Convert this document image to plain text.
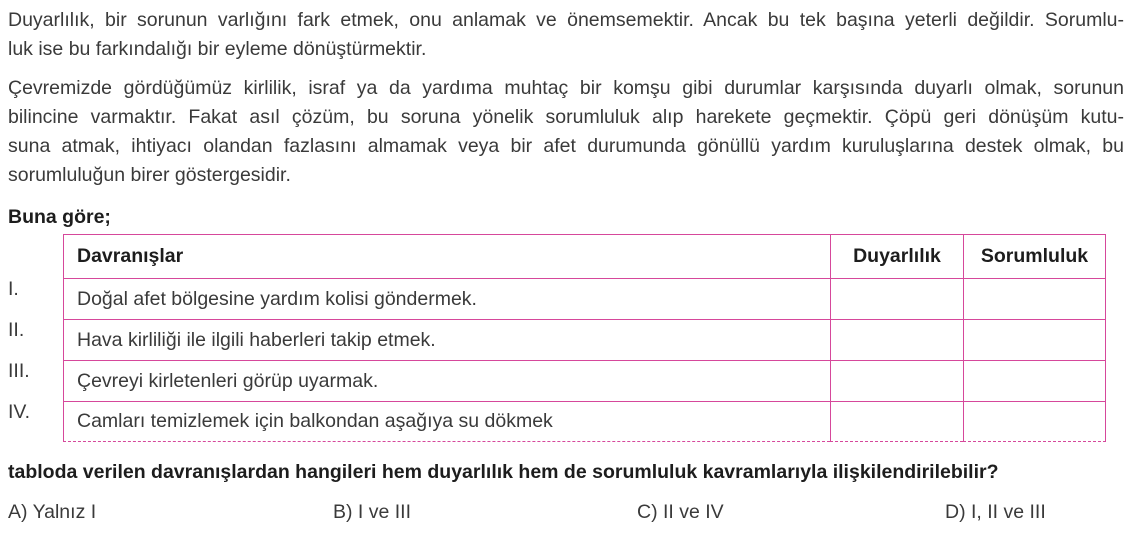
Duyarlılık, bir sorunun varlığını fark etmek, onu anlamak ve önemsemektir. Ancak bu tek başına yeterli değildir. Sorumlu-
luk ise bu farkındalığı bir eyleme dönüştürmektir.
Çevremizde gördüğümüz kirlilik, israf ya da yardıma muhtaç bir komşu gibi durumlar karşısında duyarlı olmak, sorunun
bilincine varmaktır. Fakat asıl çözüm, bu soruna yönelik sorumluluk alıp harekete geçmektir. Çöpü geri dönüşüm kutu-
suna atmak, ihtiyacı olandan fazlasını almamak veya bir afet durumunda gönüllü yardım kuruluşlarına destek olmak, bu
sorumluluğun birer göstergesidir.
Buna göre;
Davranışlar	Duyarlılık	Sorumluluk
I.	Doğal afet bölgesine yardım kolisi göndermek.
II.	Hava kirliliği ile ilgili haberleri takip etmek.
III.	Çevreyi kirletenleri görüp uyarmak.
IV.	Camları temizlemek için balkondan aşağıya su dökmek
tabloda verilen davranışlardan hangileri hem duyarlılık hem de sorumluluk kavramlarıyla ilişkilendirilebilir?
A) Yalnız I	B) I ve III	C) II ve IV	D) I, II ve III
